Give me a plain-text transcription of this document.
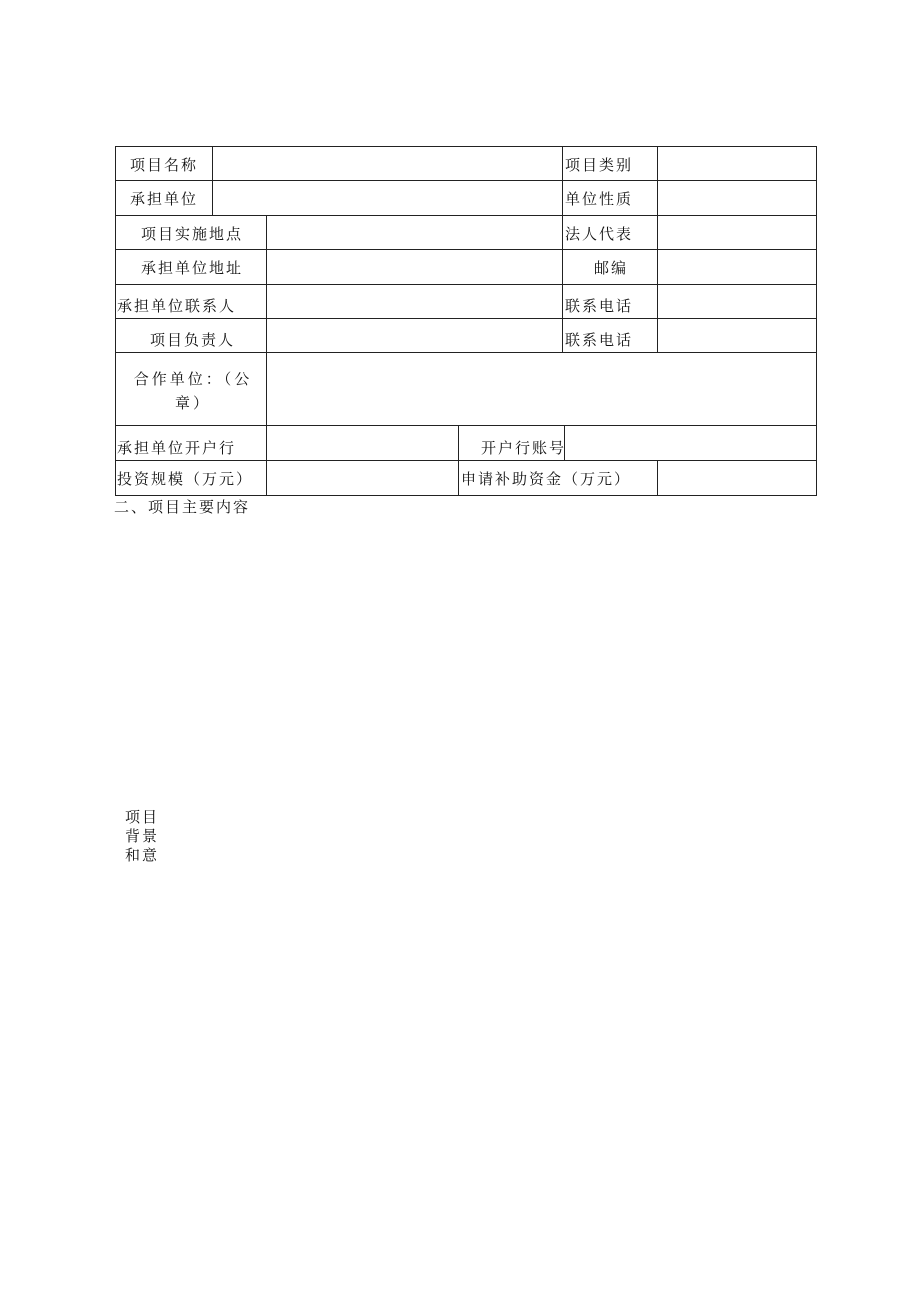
项目名称	项目类别
承担单位	单位性质
项目实施地点	法人代表
承担单位地址	邮编
承担单位联系人	联系电话
项目负责人	联系电话
合作单位：（公章）
承担单位开户行	开户行账号
投资规模（万元）	申请补助资金（万元）
二、项目主要内容
项目
背景
和意
